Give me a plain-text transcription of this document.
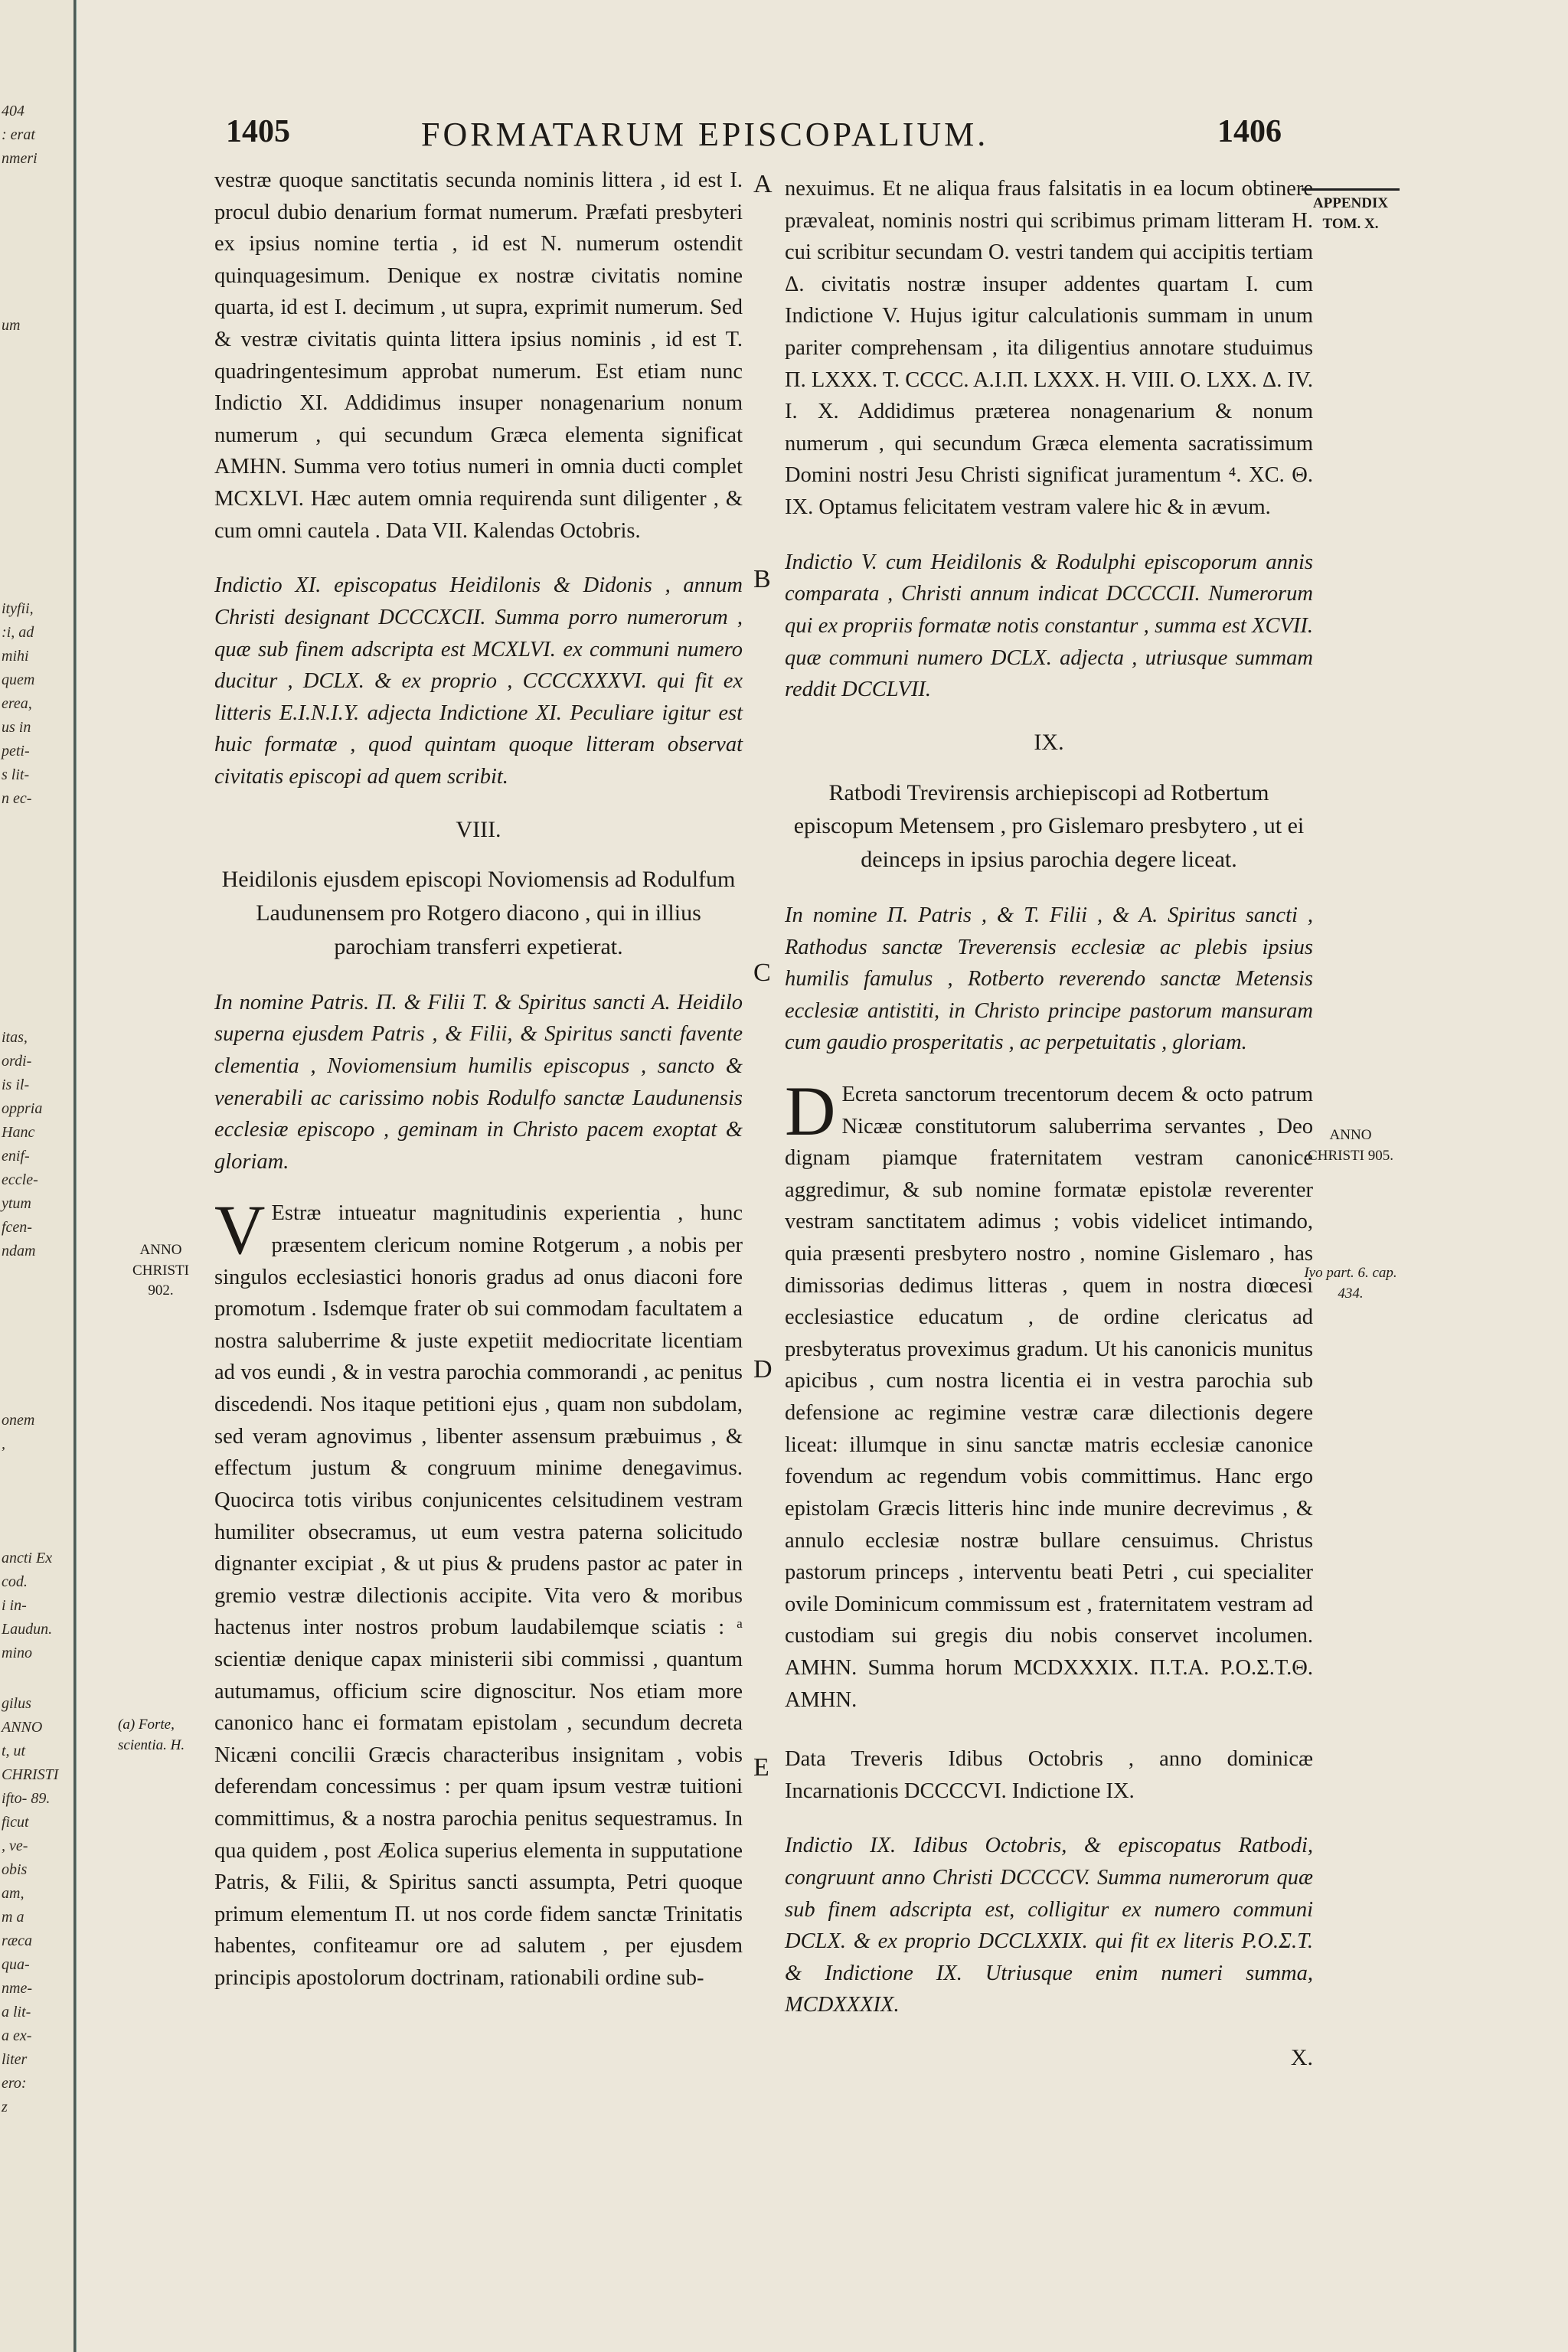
404
: erat
nmeri
um
ityfii,
:i, ad
mihi
quem
erea,
us in
peti-
s lit-
n ec-
itas,
ordi-
is il-
oppria
Hanc
enif-
eccle-
ytum
fcen-
ndam
onem
,
ancti Ex cod.
i in- Laudun.
mino
gilus ANNO
t, ut CHRISTI
ifto- 89.
ficut
, ve-
obis
am,
m a
ræca
qua-
nme-
a lit-
a ex-
liter
ero:
z
1405	FORMATARUM EPISCOPALIUM.	1406

vestræ quoque sanctitatis secunda nominis littera , id est I. procul dubio denarium format numerum. Præfati presbyteri ex ipsius nomine tertia , id est N. numerum ostendit quinquagesimum. Denique ex nostræ civitatis nomine quarta, id est I. decimum , ut supra, exprimit numerum. Sed & vestræ civitatis quinta littera ipsius nominis , id est T. quadringentesimum approbat numerum. Est etiam nunc Indictio XI. Addidimus insuper nonagenarium nonum numerum , qui secundum Græca elementa significat AMHN. Summa vero totius numeri in omnia ducti complet MCXLVI. Hæc autem omnia requirenda sunt diligenter , & cum omni cautela . Data VII. Kalendas Octobris.

Indictio XI. episcopatus Heidilonis & Didonis , annum Christi designant DCCCXCII. Summa porro numerorum , quæ sub finem adscripta est MCXLVI. ex communi numero ducitur , DCLX. & ex proprio , CCCCXXXVI. qui fit ex litteris E.I.N.I.Y. adjecta Indictione XI. Peculiare igitur est huic formatæ , quod quintam quoque litteram observat civitatis episcopi ad quem scribit.

VIII.

Heidilonis ejusdem episcopi Noviomensis ad Rodulfum Laudunensem pro Rotgero diacono , qui in illius parochiam transferri expetierat.

In nomine Patris. Π. & Filii T. & Spiritus sancti A. Heidilo superna ejusdem Patris , & Filii, & Spiritus sancti favente clementia , Noviomensium humilis episcopus , sancto & venerabili ac carissimo nobis Rodulfo sanctæ Laudunensis ecclesiæ episcopo , geminam in Christo pacem exoptat & gloriam.

V Estræ intueatur magnitudinis experientia , hunc præsentem clericum nomine Rotgerum , a nobis per singulos ecclesiastici honoris gradus ad onus diaconi fore promotum . Isdemque frater ob sui commodam facultatem a nostra saluberrime & juste expetiit mediocritate licentiam ad vos eundi , & in vestra parochia commorandi , ac penitus discedendi. Nos itaque petitioni ejus , quam non subdolam, sed veram agnovimus , libenter assensum præbuimus , & effectum justum & congruum minime denegavimus. Quocirca totis viribus conjunicentes celsitudinem vestram humiliter obsecramus, ut eum vestra paterna solicitudo dignanter excipiat , & ut pius & prudens pastor ac pater in gremio vestræ dilectionis accipite. Vita vero & moribus hactenus inter nostros probum laudabilemque sciatis : ᵃ scientiæ denique capax ministerii sibi commissi , quantum autumamus, officium scire dignoscitur. Nos etiam more canonico hanc ei formatam epistolam , secundum decreta Nicæni concilii Græcis characteribus insignitam , vobis deferendam concessimus : per quam ipsum vestræ tuitioni committimus, & a nostra parochia penitus sequestramus. In qua quidem , post Æolica superius elementa in supputatione Patris, & Filii, & Spiritus sancti assumpta, Petri quoque primum elementum Π. ut nos corde fidem sanctæ Trinitatis habentes, confiteamur ore ad salutem , per ejusdem principis apostolorum doctrinam, rationabili ordine sub-

nexuimus. Et ne aliqua fraus falsitatis in ea locum obtinere prævaleat, nominis nostri qui scribimus primam litteram H. cui scribitur secundam O. vestri tandem qui accipitis tertiam Δ. civitatis nostræ insuper addentes quartam I. cum Indictione V. Hujus igitur calculationis summam in unum pariter comprehensam , ita diligentius annotare studuimus Π. LXXX. T. CCCC. A.I.Π. LXXX. H. VIII. O. LXX. Δ. IV. I. X. Addidimus præterea nonagenarium & nonum numerum , qui secundum Græca elementa sacratissimum Domini nostri Jesu Christi significat juramentum ⁴. XC. Θ. IX. Optamus felicitatem vestram valere hic & in ævum.

Indictio V. cum Heidilonis & Rodulphi episcoporum annis comparata , Christi annum indicat DCCCCII. Numerorum qui ex propriis formatæ notis constantur , summa est XCVII. quæ communi numero DCLX. adjecta , utriusque summam reddit DCCLVII.

IX.

Ratbodi Trevirensis archiepiscopi ad Rotbertum episcopum Metensem , pro Gislemaro presbytero , ut ei deinceps in ipsius parochia degere liceat.

In nomine Π. Patris , & T. Filii , & A. Spiritus sancti , Rathodus sanctæ Treverensis ecclesiæ ac plebis ipsius humilis famulus , Rotberto reverendo sanctæ Metensis ecclesiæ antistiti, in Christo principe pastorum mansuram cum gaudio prosperitatis , ac perpetuitatis , gloriam.

D Ecreta sanctorum trecentorum decem & octo patrum Nicææ constitutorum saluberrima servantes , Deo dignam piamque fraternitatem vestram canonice aggredimur, & sub nomine formatæ epistolæ reverenter vestram sanctitatem adimus ; vobis videlicet intimando, quia præsenti presbytero nostro , nomine Gislemaro , has dimissorias dedimus litteras , quem in nostra diœcesi ecclesiastice educatum , de ordine clericatus ad presbyteratus proveximus gradum. Ut his canonicis munitus apicibus , cum nostra licentia ei in vestra parochia sub defensione ac regimine vestræ caræ dilectionis degere liceat: illumque in sinu sanctæ matris ecclesiæ canonice fovendum ac regendum vobis committimus. Hanc ergo epistolam Græcis litteris hinc inde munire decrevimus , & annulo ecclesiæ nostræ bullare censuimus. Christus pastorum princeps , interventu beati Petri , cui specialiter ovile Dominicum commissum est , fraternitatem vestram ad custodiam sui gregis diu nobis conservet incolumen. AMHN. Summa horum MCDXXXIX. Π.T.A. P.O.Σ.T.Θ. AMHN.

Data Treveris Idibus Octobris , anno dominicæ Incarnationis DCCCCVI. Indictione IX.

Indictio IX. Idibus Octobris, & episcopatus Ratbodi, congruunt anno Christi DCCCCV. Summa numerorum quæ sub finem adscripta est, colligitur ex numero communi DCLX. & ex proprio DCCLXXIX. qui fit ex literis P.O.Σ.T. & Indictione IX. Utriusque enim numeri summa, MCDXXXIX.

X.

A
B
C
D
E
APPENDIX TOM. X.
ANNO CHRISTI 905.
Ivo part. 6. cap. 434.
ANNO CHRISTI 902.
(a) Forte, scientia. H.
